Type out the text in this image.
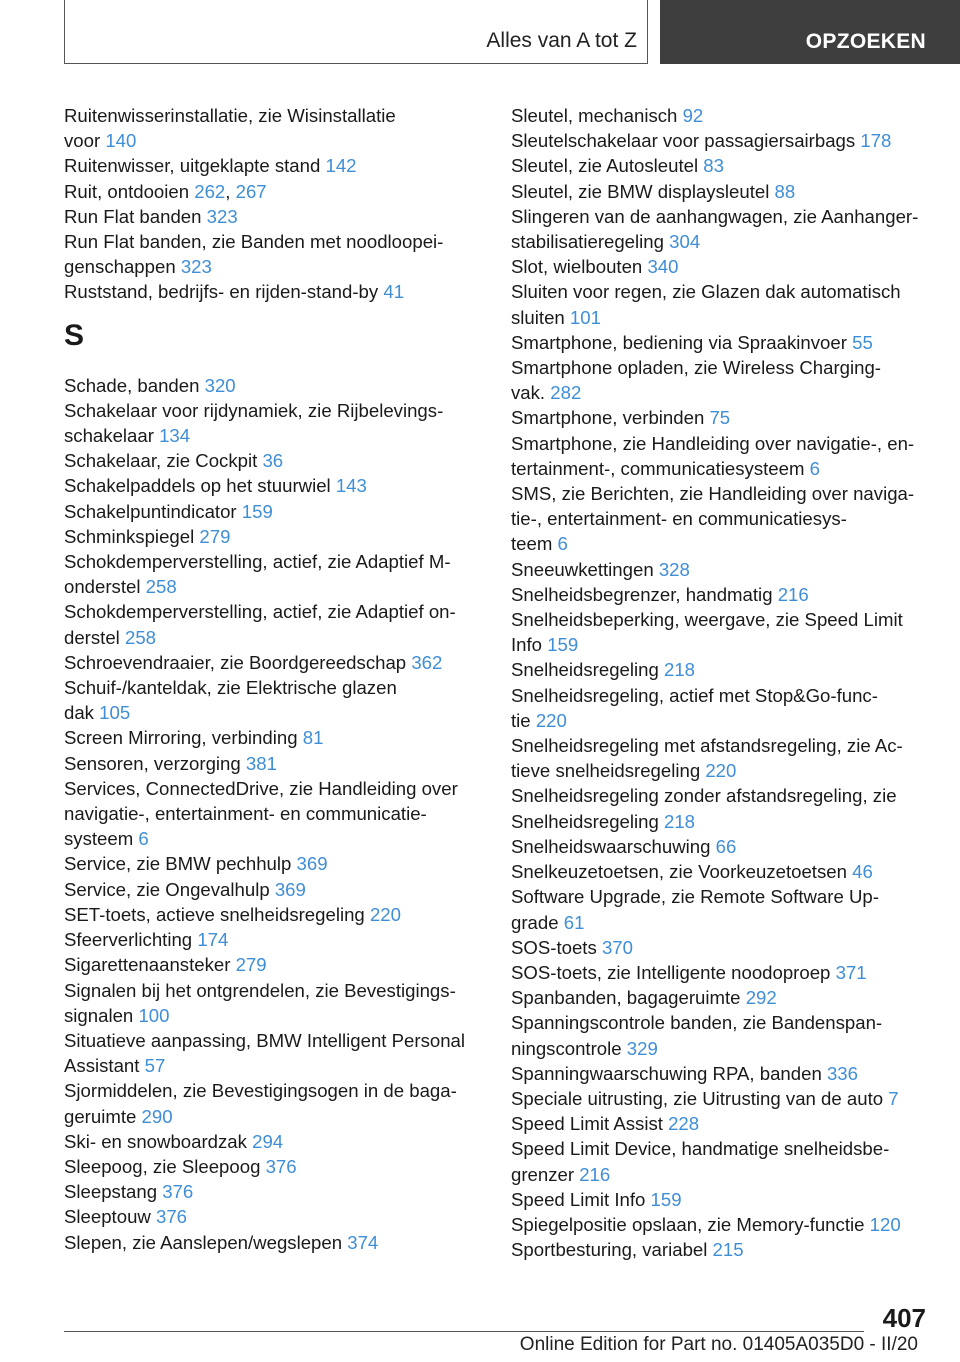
Alles van A tot Z	OPZOEKEN
Ruitenwisserinstallatie, zie Wisinstallatie
voor 140
Ruitenwisser, uitgeklapte stand 142
Ruit, ontdooien 262, 267
Run Flat banden 323
Run Flat banden, zie Banden met noodloopei-
genschappen 323
Ruststand, bedrijfs- en rijden-stand-by 41
S
Schade, banden 320
Schakelaar voor rijdynamiek, zie Rijbelevings-
schakelaar 134
Schakelaar, zie Cockpit 36
Schakelpaddels op het stuurwiel 143
Schakelpuntindicator 159
Schminkspiegel 279
Schokdemperverstelling, actief, zie Adaptief M-
onderstel 258
Schokdemperverstelling, actief, zie Adaptief on-
derstel 258
Schroevendraaier, zie Boordgereedschap 362
Schuif-/kanteldak, zie Elektrische glazen
dak 105
Screen Mirroring, verbinding 81
Sensoren, verzorging 381
Services, ConnectedDrive, zie Handleiding over
navigatie-, entertainment- en communicatie-
systeem 6
Service, zie BMW pechhulp 369
Service, zie Ongevalhulp 369
SET-toets, actieve snelheidsregeling 220
Sfeerverlichting 174
Sigarettenaansteker 279
Signalen bij het ontgrendelen, zie Bevestigings-
signalen 100
Situatieve aanpassing, BMW Intelligent Personal
Assistant 57
Sjormiddelen, zie Bevestigingsogen in de baga-
geruimte 290
Ski- en snowboardzak 294
Sleepoog, zie Sleepoog 376
Sleepstang 376
Sleeptouw 376
Slepen, zie Aanslepen/wegslepen 374
Sleutel, mechanisch 92
Sleutelschakelaar voor passagiersairbags 178
Sleutel, zie Autosleutel 83
Sleutel, zie BMW displaysleutel 88
Slingeren van de aanhangwagen, zie Aanhanger-
stabilisatieregeling 304
Slot, wielbouten 340
Sluiten voor regen, zie Glazen dak automatisch
sluiten 101
Smartphone, bediening via Spraakinvoer 55
Smartphone opladen, zie Wireless Charging-
vak. 282
Smartphone, verbinden 75
Smartphone, zie Handleiding over navigatie-, en-
tertainment-, communicatiesysteem 6
SMS, zie Berichten, zie Handleiding over naviga-
tie-, entertainment- en communicatiesys-
teem 6
Sneeuwkettingen 328
Snelheidsbegrenzer, handmatig 216
Snelheidsbeperking, weergave, zie Speed Limit
Info 159
Snelheidsregeling 218
Snelheidsregeling, actief met Stop&Go-func-
tie 220
Snelheidsregeling met afstandsregeling, zie Ac-
tieve snelheidsregeling 220
Snelheidsregeling zonder afstandsregeling, zie
Snelheidsregeling 218
Snelheidswaarschuwing 66
Snelkeuzetoetsen, zie Voorkeuzetoetsen 46
Software Upgrade, zie Remote Software Up-
grade 61
SOS-toets 370
SOS-toets, zie Intelligente noodoproep 371
Spanbanden, bagageruimte 292
Spanningscontrole banden, zie Bandenspan-
ningscontrole 329
Spanningwaarschuwing RPA, banden 336
Speciale uitrusting, zie Uitrusting van de auto 7
Speed Limit Assist 228
Speed Limit Device, handmatige snelheidsbe-
grenzer 216
Speed Limit Info 159
Spiegelpositie opslaan, zie Memory-functie 120
Sportbesturing, variabel 215
407
Online Edition for Part no. 01405A035D0 - II/20
